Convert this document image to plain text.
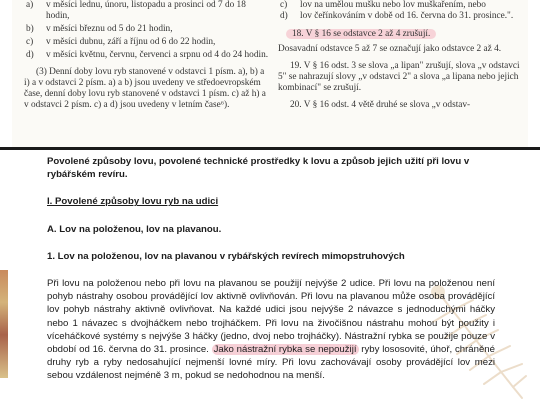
a) v měsíci lednu, únoru, listopadu a prosinci od 7 do 18 hodin,
b) v měsíci březnu od 5 do 21 hodin,
c) v měsíci dubnu, září a říjnu od 6 do 22 hodin,
d) v měsíci květnu, červnu, červenci a srpnu od 4 do 24 hodin.
(3) Denní doby lovu ryb stanovené v odstavci 1 písm. a), b) a i) a v odstavci 2 písm. a) a b) jsou uvedeny ve středoevropském čase, denní doby lovu ryb stanovené v odstavci 1 písm. c) až h) a v odstavci 2 písm. c) a d) jsou uvedeny v letním čase⁶).
c) lov na umělou mušku nebo lov muškařením, nebo
d) lov čeřínkováním v době od 16. června do 31. prosince.".
18. V § 16 se odstavce 2 až 4 zrušují.
Dosavadní odstavce 5 až 7 se označují jako odstavce 2 až 4.
19. V § 16 odst. 3 se slova „a lipan" zrušují, slova „v odstavci 5" se nahrazují slovy „v odstavci 2" a slova „a lipana nebo jejich kombinací" se zrušují.
20. V § 16 odst. 4 větě druhé se slova „v odstav-
Povolené způsoby lovu, povolené technické prostředky k lovu a způsob jejich užití při lovu v rybářském revíru.
I. Povolené způsoby lovu ryb na udici
A. Lov na položenou, lov na plavanou.
1. Lov na položenou, lov na plavanou v rybářských revírech mimopstruhových
Při lovu na položenou nebo při lovu na plavanou se použijí nejvýše 2 udice. Při lovu na položenou není pohyb nástrahy osobou provádějící lov aktivně ovlivňován. Při lovu na plavanou může osoba provádějící lov pohyb nástrahy aktivně ovlivňovat. Na každé udici jsou nejvýše 2 návazce s jednoduchými háčky nebo 1 návazec s dvojháčkem nebo trojháčkem. Při lovu na živočišnou nástrahu mohou být použity i víceháčkové systémy s nejvýše 3 háčky (jedno, dvoj nebo trojháčky). Nástražní rybka se použije pouze v období od 16. června do 31. prosince. Jako nástražní rybka se nepoužijí ryby lososovité, úhoř, chráněné druhy ryb a ryby nedosahující nejmenší lovné míry. Při lovu zachovávají osoby provádějící lov mezi sebou vzdálenost nejméně 3 m, pokud se nedohodnou na menší.
